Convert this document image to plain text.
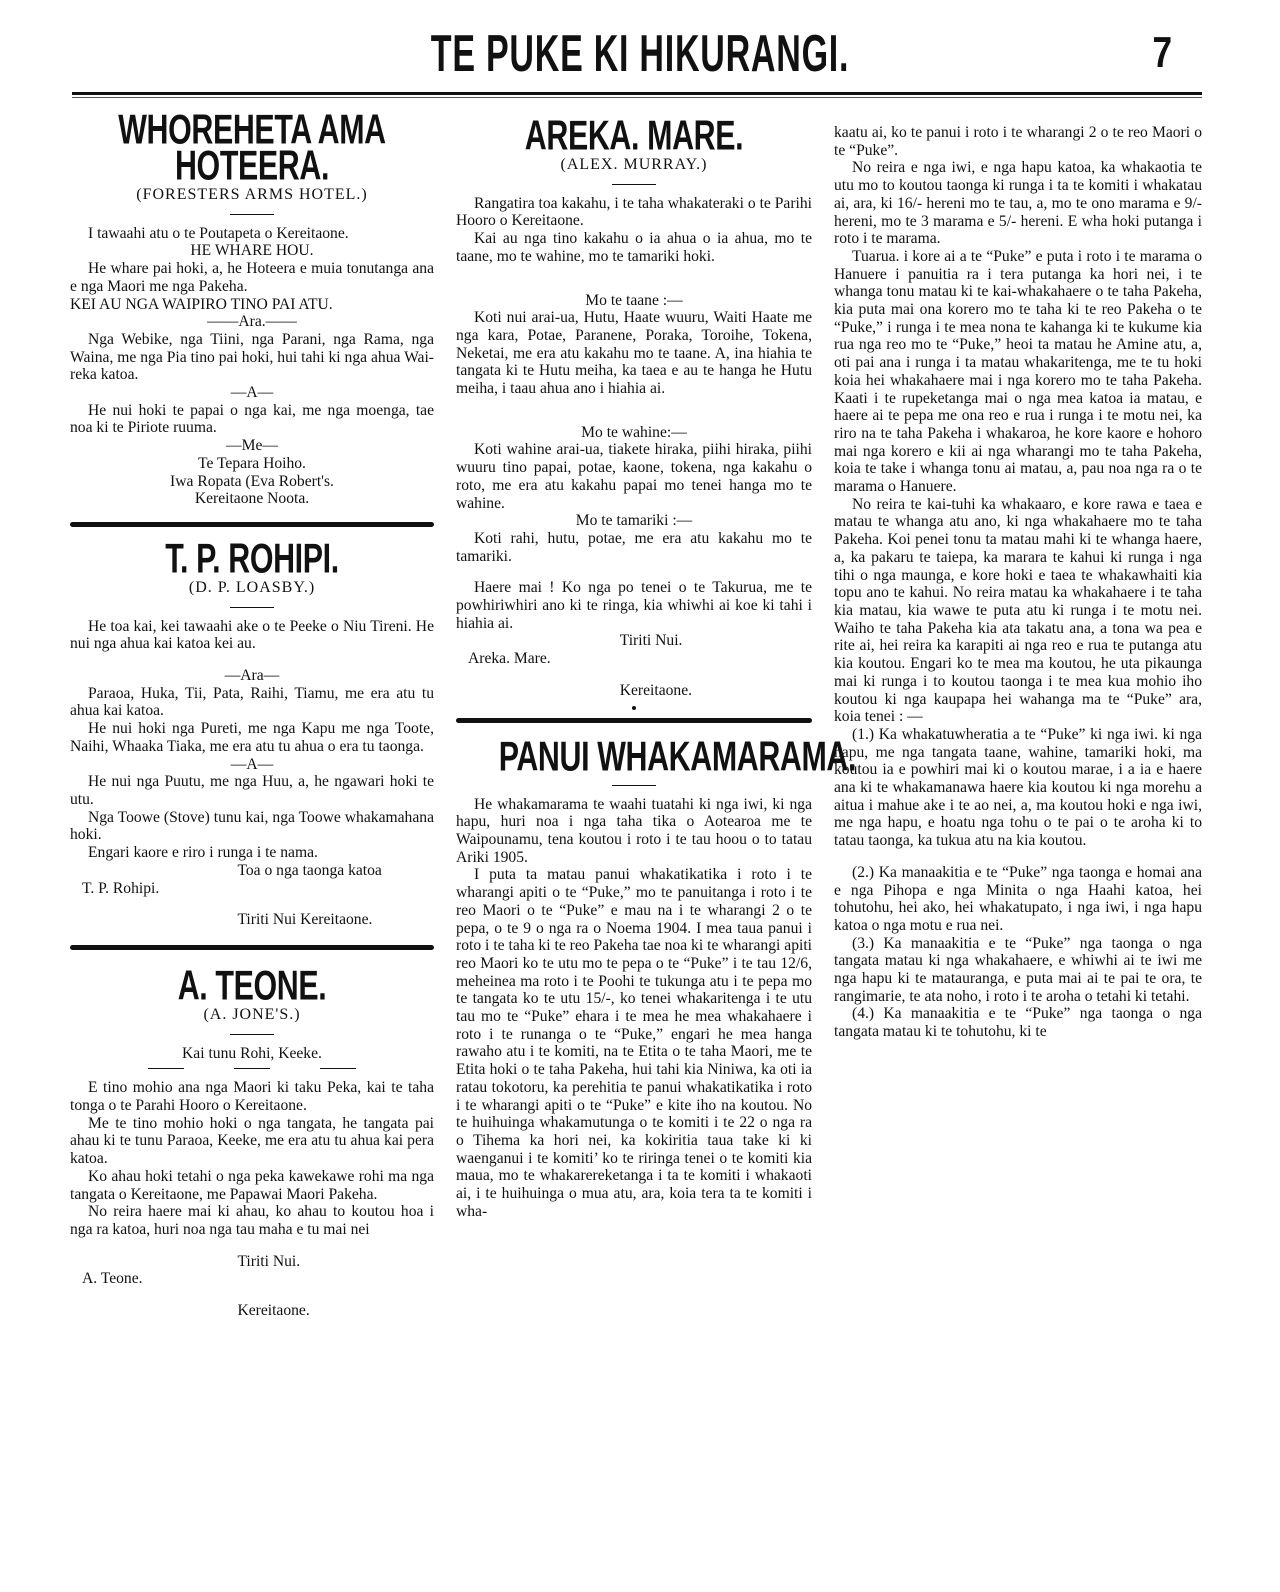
TE PUKE KI HIKURANGI.	7
WHOREHETA AMA
HOTEERA.
(FORESTERS ARMS HOTEL.)

I tawaahi atu o te Poutapeta o Kereitaone.

HE WHARE HOU.

He whare pai hoki, a, he Hoteera e muia tonutanga ana e nga Maori me nga Pakeha.

KEI AU NGA WAIPIRO TINO PAI ATU.

——Ara.——

Nga Webike, nga Tiini, nga Parani, nga Rama, nga Waina, me nga Pia tino pai hoki, hui tahi ki nga ahua Wai-reka katoa.

—A—

He nui hoki te papai o nga kai, me nga moenga, tae noa ki te Piriote ruuma.

—Me—

Te Tepara Hoiho.

Iwa Ropata (Eva Robert's.

Kereitaone Noota.

T. P. ROHIPI.
(D. P. LOASBY.)

He toa kai, kei tawaahi ake o te Peeke o Niu Tireni. He nui nga ahua kai katoa kei au.

—Ara—

Paraoa, Huka, Tii, Pata, Raihi, Tiamu, me era atu tu ahua kai katoa.

He nui hoki nga Pureti, me nga Kapu me nga Toote, Naihi, Whaaka Tiaka, me era atu tu ahua o era tu taonga.

—A—

He nui nga Puutu, me nga Huu, a, he ngawari hoki te utu.

Nga Toowe (Stove) tunu kai, nga Toowe whakamahana hoki.

Engari kaore e riro i runga i te nama.

Toa o nga taonga katoa

T. P. Rohipi.

Tiriti Nui Kereitaone.

A. TEONE.
(A. JONE'S.)

Kai tunu Rohi, Keeke.

E tino mohio ana nga Maori ki taku Peka, kai te taha tonga o te Parahi Hooro o Kereitaone.

Me te tino mohio hoki o nga tangata, he tangata pai ahau ki te tunu Paraoa, Keeke, me era atu tu ahua kai pera katoa.

Ko ahau hoki tetahi o nga peka kawekawe rohi ma nga tangata o Kereitaone, me Papawai Maori Pakeha.

No reira haere mai ki ahau, ko ahau to koutou hoa i nga ra katoa, huri noa nga tau maha e tu mai nei

Tiriti Nui.

A. Teone.

Kereitaone.

AREKA. MARE.
(ALEX. MURRAY.)

Rangatira toa kakahu, i te taha whakateraki o te Parihi Hooro o Kereitaone.

Kai au nga tino kakahu o ia ahua o ia ahua, mo te taane, mo te wahine, mo te tamariki hoki.

Mo te taane :—

Koti nui arai-ua, Hutu, Haate wuuru, Waiti Haate me nga kara, Potae, Paranene, Poraka, Toroihe, Tokena, Neketai, me era atu kakahu mo te taane. A, ina hiahia te tangata ki te Hutu meiha, ka taea e au te hanga he Hutu meiha, i taau ahua ano i hiahia ai.

Mo te wahine:—

Koti wahine arai-ua, tiakete hiraka, piihi hiraka, piihi wuuru tino papai, potae, kaone, tokena, nga kakahu o roto, me era atu kakahu papai mo tenei hanga mo te wahine.

Mo te tamariki :—

Koti rahi, hutu, potae, me era atu kakahu mo te tamariki.

Haere mai ! Ko nga po tenei o te Takurua, me te powhiriwhiri ano ki te ringa, kia whiwhi ai koe ki tahi i hiahia ai.

Tiriti Nui.

Areka. Mare.

Kereitaone.

PANUI WHAKAMARAMA.

He whakamarama te waahi tuatahi ki nga iwi, ki nga hapu, huri noa i nga taha tika o Aotearoa me te Waipounamu, tena koutou i roto i te tau hoou o to tatau Ariki 1905.

I puta ta matau panui whakatikatika i roto i te wharangi apiti o te “Puke,” mo te panuitanga i roto i te reo Maori o te “Puke” e mau na i te wharangi 2 o te pepa, o te 9 o nga ra o Noema 1904. I mea taua panui i roto i te taha ki te reo Pakeha tae noa ki te wharangi apiti reo Maori ko te utu mo te pepa o te “Puke” i te tau 12/6, meheinea ma roto i te Poohi te tukunga atu i te pepa mo te tangata ko te utu 15/-, ko tenei whakaritenga i te utu tau mo te “Puke” ehara i te mea he mea whakahaere i roto i te runanga o te “Puke,” engari he mea hanga rawaho atu i te komiti, na te Etita o te taha Maori, me te Etita hoki o te taha Pakeha, hui tahi kia Niniwa, ka oti ia ratau tokotoru, ka perehitia te panui whakatikatika i roto i te wharangi apiti o te “Puke” e kite iho na koutou. No te huihuinga whakamutunga o te komiti i te 22 o nga ra o Tihema ka hori nei, ka kokiritia taua take ki ki waenganui i te komiti’ ko te riringa tenei o te komiti kia maua, mo te whakarereketanga i ta te komiti i whakaoti ai, i te huihuinga o mua atu, ara, koia tera ta te komiti i wha-

kaatu ai, ko te panui i roto i te wharangi 2 o te reo Maori o te “Puke”.

No reira e nga iwi, e nga hapu katoa, ka whakaotia te utu mo to koutou taonga ki runga i ta te komiti i whakatau ai, ara, ki 16/- hereni mo te tau, a, mo te ono marama e 9/- hereni, mo te 3 marama e 5/- hereni. E wha hoki putanga i roto i te marama.

Tuarua. i kore ai a te “Puke” e puta i roto i te marama o Hanuere i panuitia ra i tera putanga ka hori nei, i te whanga tonu matau ki te kai-whakahaere o te taha Pakeha, kia puta mai ona korero mo te taha ki te reo Pakeha o te “Puke,” i runga i te mea nona te kahanga ki te kukume kia rua nga reo mo te “Puke,” heoi ta matau he Amine atu, a, oti pai ana i runga i ta matau whakaritenga, me te tu hoki koia hei whakahaere mai i nga korero mo te taha Pakeha. Kaati i te rupeketanga mai o nga mea katoa ia matau, e haere ai te pepa me ona reo e rua i runga i te motu nei, ka riro na te taha Pakeha i whakaroa, he kore kaore e hohoro mai nga korero e kii ai nga wharangi mo te taha Pakeha, koia te take i whanga tonu ai matau, a, pau noa nga ra o te marama o Hanuere.

No reira te kai-tuhi ka whakaaro, e kore rawa e taea e matau te whanga atu ano, ki nga whakahaere mo te taha Pakeha. Koi penei tonu ta matau mahi ki te whanga haere, a, ka pakaru te taiepa, ka marara te kahui ki runga i nga tihi o nga maunga, e kore hoki e taea te whakawhaiti kia topu ano te kahui. No reira matau ka whakahaere i te taha kia matau, kia wawe te puta atu ki runga i te motu nei. Waiho te taha Pakeha kia ata takatu ana, a tona wa pea e rite ai, hei reira ka karapiti ai nga reo e rua te putanga atu kia koutou. Engari ko te mea ma koutou, he uta pikaunga mai ki runga i to koutou taonga i te mea kua mohio iho koutou ki nga kaupapa hei wahanga ma te “Puke” ara, koia tenei : —

(1.) Ka whakatuwheratia a te “Puke” ki nga iwi. ki nga hapu, me nga tangata taane, wahine, tamariki hoki, ma koutou ia e powhiri mai ki o koutou marae, i a ia e haere ana ki te whakamanawa haere kia koutou ki nga morehu a aitua i mahue ake i te ao nei, a, ma koutou hoki e nga iwi, me nga hapu, e hoatu nga tohu o te pai o te aroha ki to tatau taonga, ka tukua atu na kia koutou.

(2.) Ka manaakitia e te “Puke” nga taonga e homai ana e nga Pihopa e nga Minita o nga Haahi katoa, hei tohutohu, hei ako, hei whakatupato, i nga iwi, i nga hapu katoa o nga motu e rua nei.

(3.) Ka manaakitia e te “Puke” nga taonga o nga tangata matau ki nga whakahaere, e whiwhi ai te iwi me nga hapu ki te matauranga, e puta mai ai te pai te ora, te rangimarie, te ata noho, i roto i te aroha o tetahi ki tetahi.

(4.) Ka manaakitia e te “Puke” nga taonga o nga tangata matau ki te tohutohu, ki te
